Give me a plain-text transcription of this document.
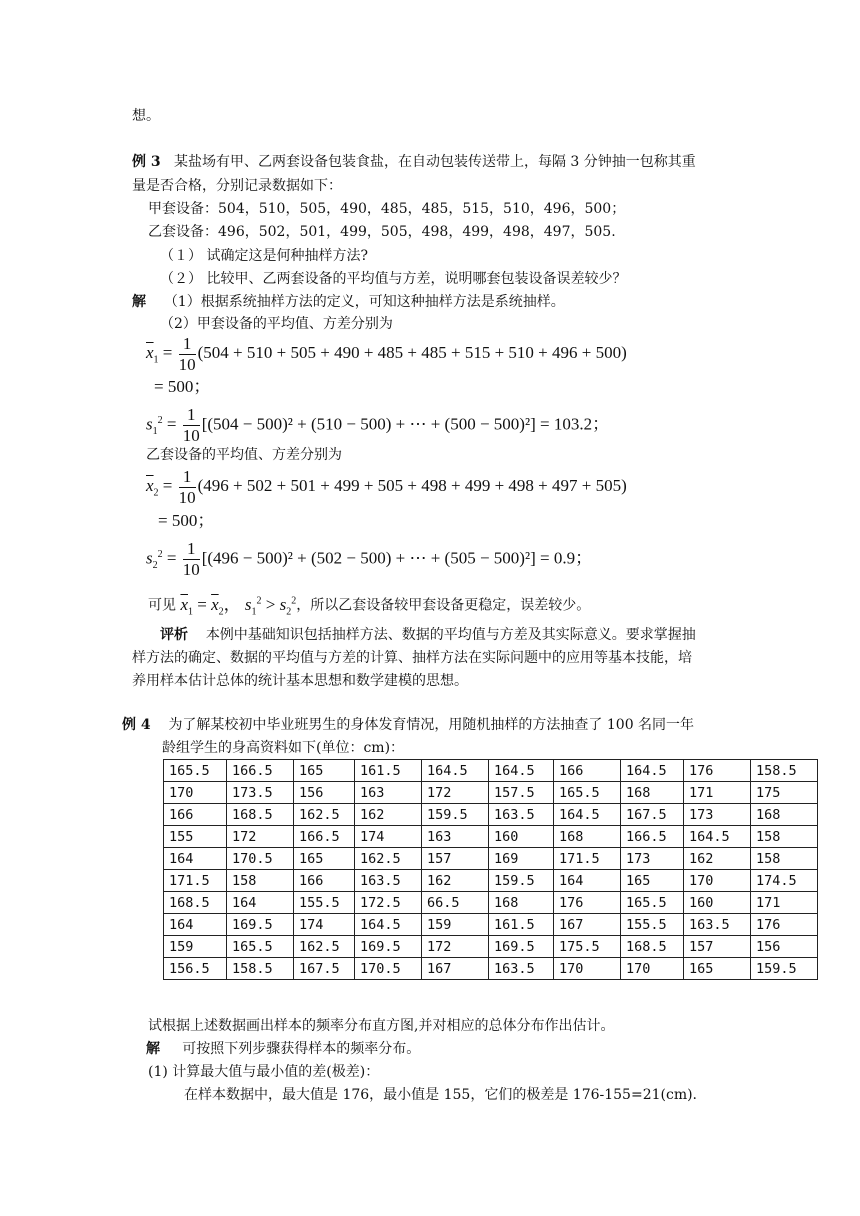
想。
例 3 某盐场有甲、乙两套设备包装食盐，在自动包装传送带上，每隔 3 分钟抽一包称其重
量是否合格，分别记录数据如下：
甲套设备：504，510，505，490，485，485，515，510，496，500；
乙套设备：496，502，501，499，505，498，499，498，497，505.
（１） 试确定这是何种抽样方法?
（２） 比较甲、乙两套设备的平均值与方差，说明哪套包装设备误差较少？
解 （1）根据系统抽样方法的定义，可知这种抽样方法是系统抽样。
（2）甲套设备的平均值、方差分别为
$\overline{x}_1 = \frac{1}{10} (504 + 510 + 505 + 490 + 485 + 485 + 515 + 510 + 496 + 500)$
= 500；
$s_1^2 = \frac{1}{10} [(504 - 500)^2 + (510 - 500)$ + ⋯ + (500 − 500)²] = 103.2；
乙套设备的平均值、方差分别为
$\overline{x}_2 = \frac{1}{10} (496 + 502 + 501 + 499 + 505 + 498 + 499 + 498 + 497 + 505)$
= 500；
$s_2^2 = \frac{1}{10} [(496 - 500)^2 + (502 - 500)$ + ⋯ + (505 − 500)²] = 0.9；
可见 $\overline{x}_1 = \overline{x}_2$， $s_1^2 > s_2^2$，所以乙套设备较甲套设备更稳定，误差较少。
评析 本例中基础知识包括抽样方法、数据的平均值与方差及其实际意义。要求掌握抽
样方法的确定、数据的平均值与方差的计算、抽样方法在实际问题中的应用等基本技能，培
养用样本估计总体的统计基本思想和数学建模的思想。
例 4 为了解某校初中毕业班男生的身体发育情况，用随机抽样的方法抽查了 100 名同一年
龄组学生的身高资料如下(单位：cm)：
165.5	166.5	165	161.5	164.5	164.5	166	164.5	176	158.5
170	173.5	156	163	172	157.5	165.5	168	171	175
166	168.5	162.5	162	159.5	163.5	164.5	167.5	173	168
155	172	166.5	174	163	160	168	166.5	164.5	158
164	170.5	165	162.5	157	169	171.5	173	162	158
171.5	158	166	163.5	162	159.5	164	165	170	174.5
168.5	164	155.5	172.5	66.5	168	176	165.5	160	171
164	169.5	174	164.5	159	161.5	167	155.5	163.5	176
159	165.5	162.5	169.5	172	169.5	175.5	168.5	157	156
156.5	158.5	167.5	170.5	167	163.5	170	170	165	159.5
试根据上述数据画出样本的频率分布直方图,并对相应的总体分布作出估计。
解 可按照下列步骤获得样本的频率分布。
(1) 计算最大值与最小值的差(极差)：
在样本数据中，最大值是 176，最小值是 155，它们的极差是 176-155=21(cm).
